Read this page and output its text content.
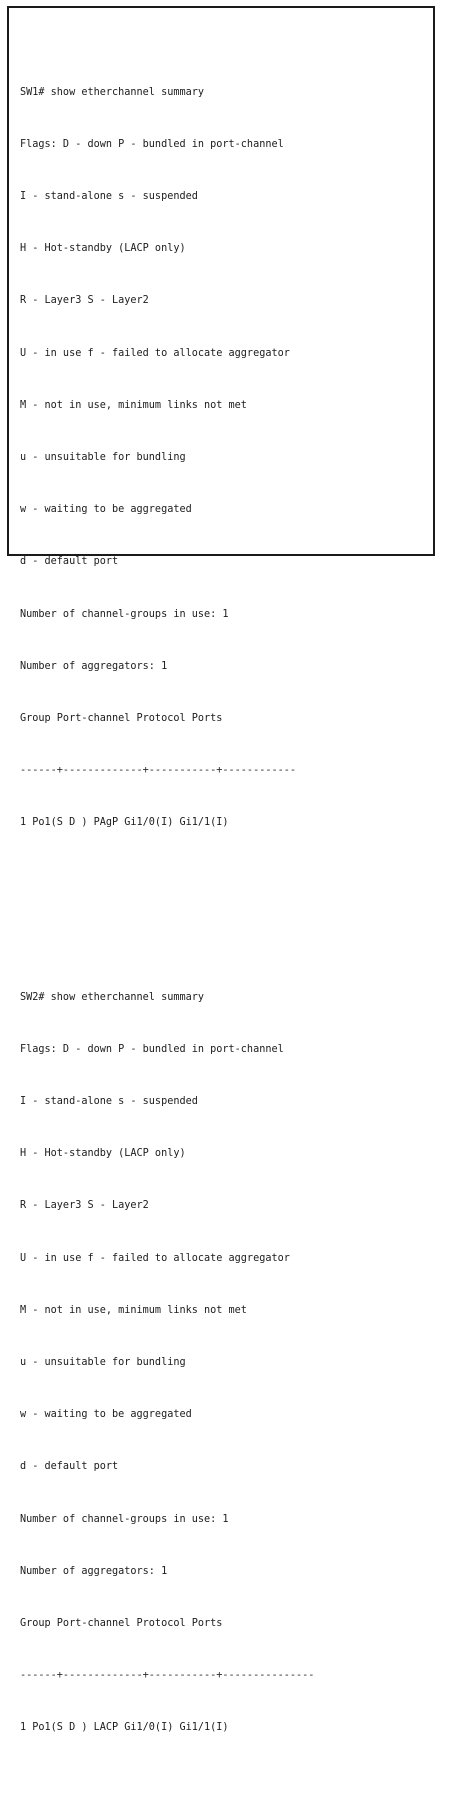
SW1# show etherchannel summary

Flags: D - down P - bundled in port-channel

I - stand-alone s - suspended

H - Hot-standby (LACP only)

R - Layer3 S - Layer2

U - in use f - failed to allocate aggregator

M - not in use, minimum links not met

u - unsuitable for bundling

w - waiting to be aggregated

d - default port

Number of channel-groups in use: 1

Number of aggregators: 1

Group Port-channel Protocol Ports

------+-------------+-----------+------------

1 Po1(S D ) PAgP Gi1/0(I) Gi1/1(I)

SW2# show etherchannel summary

Flags: D - down P - bundled in port-channel

I - stand-alone s - suspended

H - Hot-standby (LACP only)

R - Layer3 S - Layer2

U - in use f - failed to allocate aggregator

M - not in use, minimum links not met

u - unsuitable for bundling

w - waiting to be aggregated

d - default port

Number of channel-groups in use: 1

Number of aggregators: 1

Group Port-channel Protocol Ports

------+-------------+-----------+---------------

1 Po1(S D ) LACP Gi1/0(I) Gi1/1(I)
